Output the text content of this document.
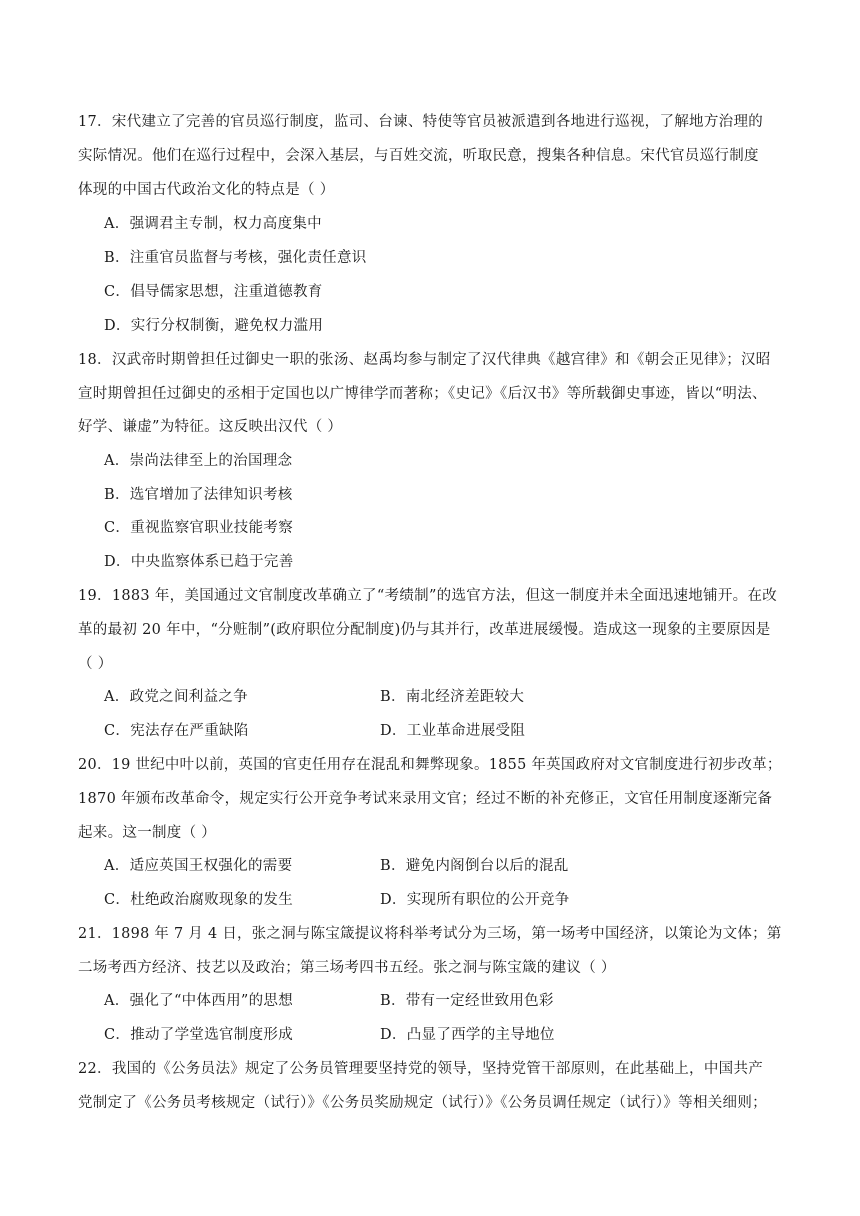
17．宋代建立了完善的官员巡行制度，监司、台谏、特使等官员被派遣到各地进行巡视，了解地方治理的
实际情况。他们在巡行过程中，会深入基层，与百姓交流，听取民意，搜集各种信息。宋代官员巡行制度
体现的中国古代政治文化的特点是（ ）
A．强调君主专制，权力高度集中
B．注重官员监督与考核，强化责任意识
C．倡导儒家思想，注重道德教育
D．实行分权制衡，避免权力滥用
18．汉武帝时期曾担任过御史一职的张汤、赵禹均参与制定了汉代律典《越宫律》和《朝会正见律》；汉昭
宣时期曾担任过御史的丞相于定国也以广博律学而著称；《史记》《后汉书》等所载御史事迹，皆以“明法、
好学、谦虚”为特征。这反映出汉代（ ）
A．崇尚法律至上的治国理念
B．选官增加了法律知识考核
C．重视监察官职业技能考察
D．中央监察体系已趋于完善
19．1883 年，美国通过文官制度改革确立了“考绩制”的选官方法，但这一制度并未全面迅速地铺开。在改
革的最初 20 年中，“分赃制”(政府职位分配制度)仍与其并行，改革进展缓慢。造成这一现象的主要原因是
（ ）
A．政党之间利益之争	B．南北经济差距较大
C．宪法存在严重缺陷	D．工业革命进展受阻
20．19 世纪中叶以前，英国的官吏任用存在混乱和舞弊现象。1855 年英国政府对文官制度进行初步改革；
1870 年颁布改革命令，规定实行公开竞争考试来录用文官；经过不断的补充修正，文官任用制度逐渐完备
起来。这一制度（ ）
A．适应英国王权强化的需要	B．避免内阁倒台以后的混乱
C．杜绝政治腐败现象的发生	D．实现所有职位的公开竞争
21．1898 年 7 月 4 日，张之洞与陈宝箴提议将科举考试分为三场，第一场考中国经济，以策论为文体；第
二场考西方经济、技艺以及政治；第三场考四书五经。张之洞与陈宝箴的建议（ ）
A．强化了“中体西用”的思想	B．带有一定经世致用色彩
C．推动了学堂选官制度形成	D．凸显了西学的主导地位
22．我国的《公务员法》规定了公务员管理要坚持党的领导，坚持党管干部原则，在此基础上，中国共产
党制定了《公务员考核规定（试行）》《公务员奖励规定（试行）》《公务员调任规定（试行）》等相关细则；
